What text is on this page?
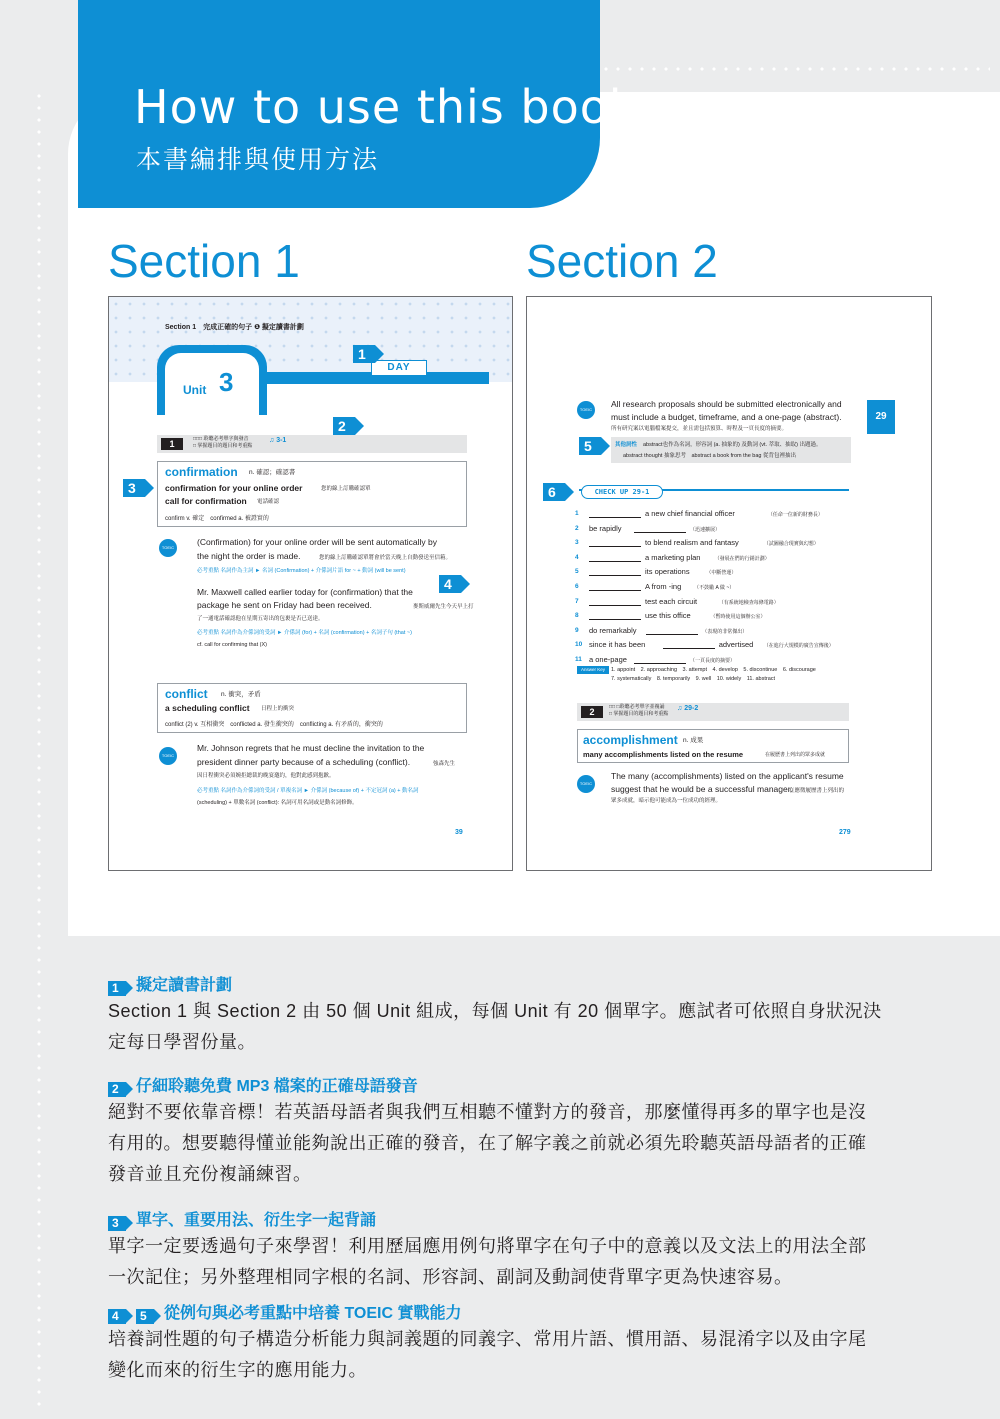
How to use this book
本書編排與使用方法
Section 1	Section 2
Section 1　完成正確的句子 ❶ 擬定讀書計劃
DAY
Unit 3
1
2
1	□□□ 聆聽必考單字與發音
□ 掌握題目的題目和考重點
♫ 3-1
confirmation n. 確認；確認書
confirmation for your online order	您的線上訂購確認單
call for confirmation 電話確認
confirm v. 確定　confirmed a. 被證實的
3
TOEIC
(Confirmation) for your online order will be sent automatically by
the night the order is made.	您的線上訂購確認單將會於當天晚上自動發送至信箱。
必考重點 名詞作為主詞 ► 名詞 (Confirmation) + 介係詞片語 for ~ + 動詞 (will be sent)
4
Mr. Maxwell called earlier today for (confirmation) that the
package he sent on Friday had been received.	麥斯威爾先生今天早上打
了一通電話確認他在星期五寄出的包裹是否已送達。
必考重點 名詞作為介係詞的受詞 ► 介係詞 (for) + 名詞 (confirmation) + 名詞子句 (that ~)
cf. call for confirming that (X)
conflict n. 衝突，矛盾
a scheduling conflict 日程上的衝突
conflict (2) v. 互相衝突　conflicted a. 發生衝突的　conflicting a. 有矛盾的，衝突的
TOEIC
Mr. Johnson regrets that he must decline the invitation to the
president dinner party because of a scheduling (conflict).	強森先生
因日程衝突必須婉拒總裁的晚宴邀約，他對此感到抱歉。
必考重點 名詞作為介係詞的受詞 / 單複名詞 ► 介係詞 (because of) + 不定冠詞 (a) + 動名詞
(scheduling) + 單數名詞 (conflict): 名詞可用名詞或是動名詞修飾。
39
TOEIC
All research proposals should be submitted electronically and
must include a budget, timeframe, and a one-page (abstract).
所有研究案以電腦檔案提交，並且需包括預算、時程及一頁長度的摘要。
29
5	其他詞性 abstract也作為名詞，形容詞 (a. 抽象的) 及動詞 (vt. 萃取、抽取) 出題過。
abstract thought 抽象思考　abstract a book from the bag 從背包裡抽出
6	CHECK UP 29-1
1	a new chief financial officer	（任命一位新的財務長）
2 be rapidly	（迅速擴展）
3	to blend realism and fantasy	（試圖融合現實與幻想）
4	a marketing plan	（發展在們的行銷計劃）
5	its operations	（中斷營運）
6	A from -ing	（不鼓勵 A 做 ~）
7	test each circuit	（有系統地檢查每條電路）
8	use this office	（暫時使用這個辦公室）
9 do remarkably	（表現的非常傑出）
10 since it has been	advertised （在進行大規模的廣告宣傳後）
11 a one-page	（一頁長度的摘要）
Answer Key	1. appoint　2. approaching　3. attempt　4. develop　5. discontinue　6. discourage
7. systematically　8. temporarily　9. well　10. widely　11. abstract
2	□□ □聆聽必考單字並複誦
□ 掌握題目的題目和考重點
♫ 29-2
accomplishment n. 成果
many accomplishments listed on the resume	在履歷書上列出的眾多成就
TOEIC
The many (accomplishments) listed on the applicant's resume
suggest that he would be a successful manager.
在應徵履歷書上列出的
眾多成就，暗示他可能成為一位成功的經理。
279
1 擬定讀書計劃
Section 1 與 Section 2 由 50 個 Unit 組成，每個 Unit 有 20 個單字。應試者可依照自身狀況決
定每日學習份量。
2 仔細聆聽免費 MP3 檔案的正確母語發音
絕對不要依靠音標！若英語母語者與我們互相聽不懂對方的發音，那麼懂得再多的單字也是沒
有用的。想要聽得懂並能夠說出正確的發音，在了解字義之前就必須先聆聽英語母語者的正確
發音並且充份複誦練習。
3 單字、重要用法、衍生字一起背誦
單字一定要透過句子來學習！利用歷屆應用例句將單字在句子中的意義以及文法上的用法全部
一次記住；另外整理相同字根的名詞、形容詞、副詞及動詞使背單字更為快速容易。
4 5 從例句與必考重點中培養 TOEIC 實戰能力
培養詞性題的句子構造分析能力與詞義題的同義字、常用片語、慣用語、易混淆字以及由字尾
變化而來的衍生字的應用能力。
